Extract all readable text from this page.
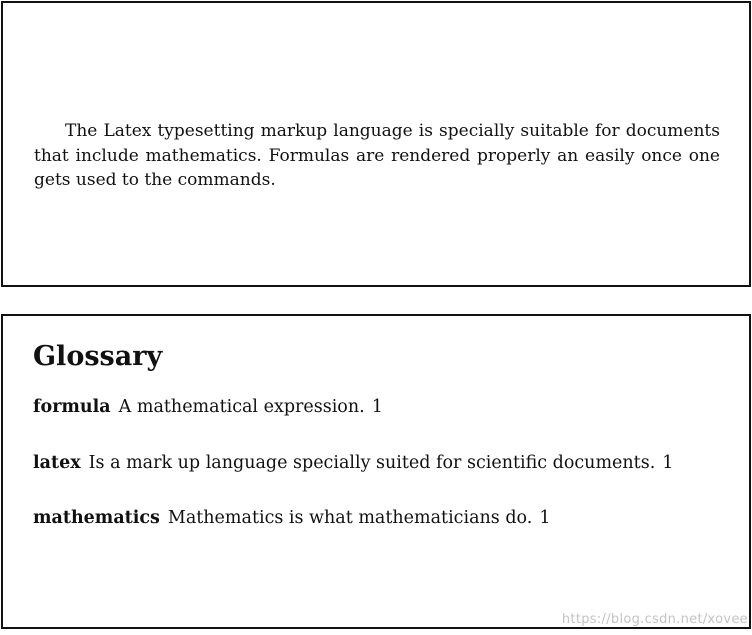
The Latex typesetting markup language is specially suitable for documents that include mathematics. Formulas are rendered properly an easily once one gets used to the commands.

Glossary

formula A mathematical expression. 1

latex Is a mark up language specially suited for scientific documents. 1

mathematics Mathematics is what mathematicians do. 1

https://blog.csdn.net/xovee
